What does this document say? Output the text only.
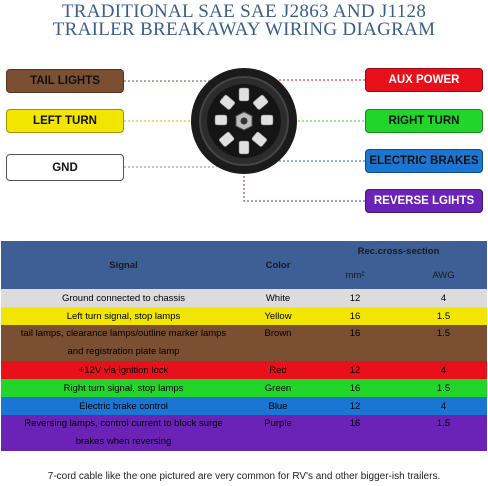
TRADITIONAL SAE SAE J2863 AND J1128
TRAILER BREAKAWAY WIRING DIAGRAM
TAIL LIGHTS
LEFT TURN
GND
AUX POWER
RIGHT TURN
ELECTRIC BRAKES
REVERSE LGIHTS
Signal	Color	Rec.cross-section	
		mm²	AWG
Ground connected to chassis	White	12	4
Left turn signal, stop lamps	Yellow	16	1.5

tail lamps, clearance lamps/outline marker lamps
and registration plate lamp	Brown	16	1.5
+12V via ignition lock	Red	12	4
Right turn signal, stop lamps	Green	16	1.5
Electric brake control	Blue	12	4

Reversing lamps, control current to block surge
brakes when reversing	Purple	16	1.5
7-cord cable like the one pictured are very common for RV's and other bigger-ish trailers.
